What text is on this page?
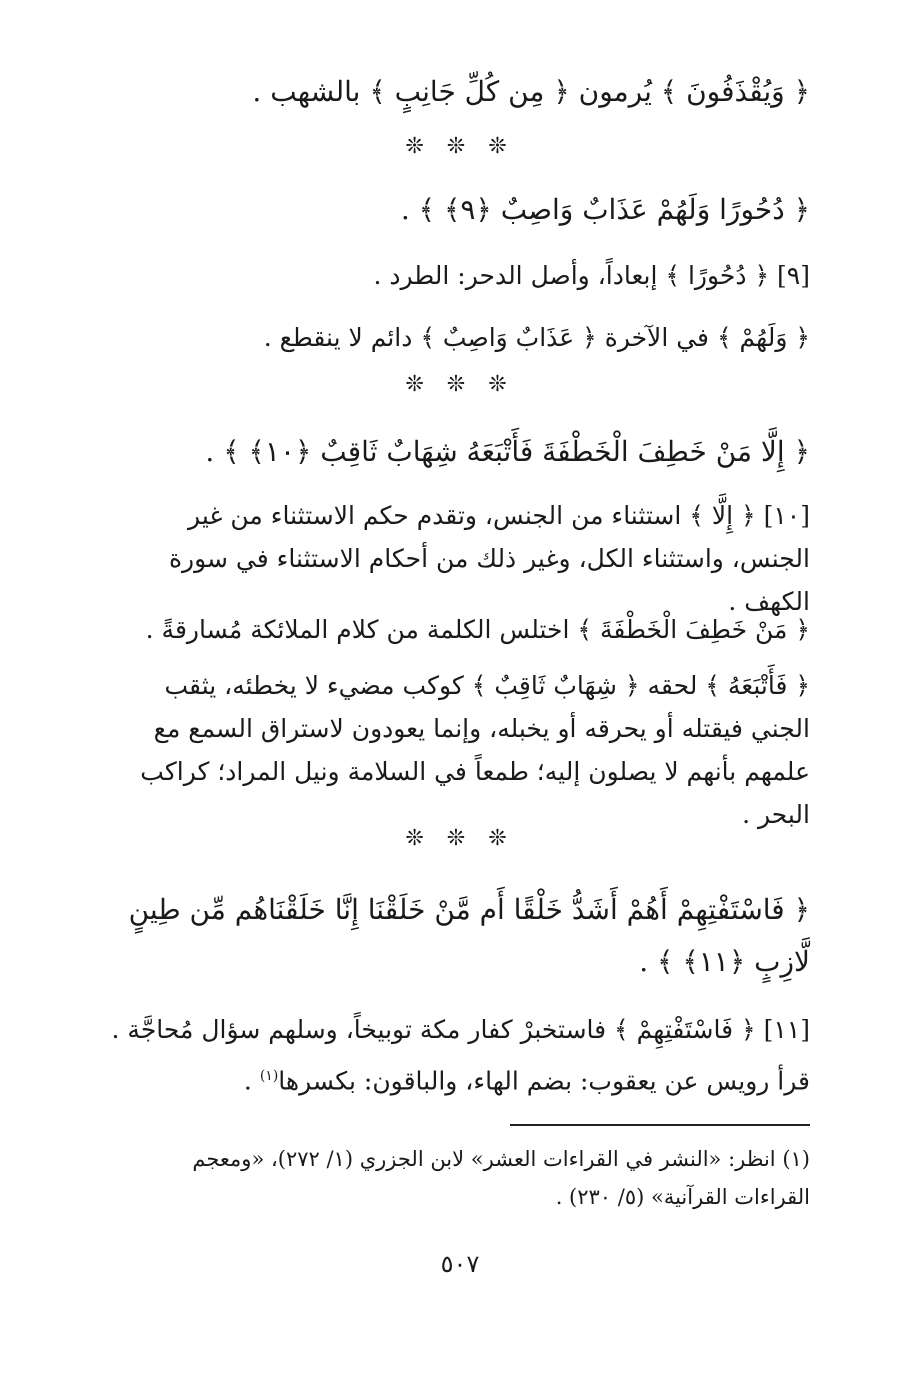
﴿ وَيُقْذَفُونَ ﴾ يُرمون ﴿ مِن كُلِّ جَانِبٍ ﴾ بالشهب .
❊ ❊ ❊
﴿ دُحُورًا وَلَهُمْ عَذَابٌ وَاصِبٌ ﴿٩﴾ ﴾ .
[٩] ﴿ دُحُورًا ﴾ إبعاداً، وأصل الدحر: الطرد .
﴿ وَلَهُمْ ﴾ في الآخرة ﴿ عَذَابٌ وَاصِبٌ ﴾ دائم لا ينقطع .
❊ ❊ ❊
﴿ إِلَّا مَنْ خَطِفَ الْخَطْفَةَ فَأَتْبَعَهُ شِهَابٌ ثَاقِبٌ ﴿١٠﴾ ﴾ .
[١٠] ﴿ إِلَّا ﴾ استثناء من الجنس، وتقدم حكم الاستثناء من غير الجنس، واستثناء الكل، وغير ذلك من أحكام الاستثناء في سورة الكهف .
﴿ مَنْ خَطِفَ الْخَطْفَةَ ﴾ اختلس الكلمة من كلام الملائكة مُسارقةً .
﴿ فَأَتْبَعَهُ ﴾ لحقه ﴿ شِهَابٌ ثَاقِبٌ ﴾ كوكب مضيء لا يخطئه، يثقب الجني فيقتله أو يحرقه أو يخبله، وإنما يعودون لاستراق السمع مع علمهم بأنهم لا يصلون إليه؛ طمعاً في السلامة ونيل المراد؛ كراكب البحر .
❊ ❊ ❊
﴿ فَاسْتَفْتِهِمْ أَهُمْ أَشَدُّ خَلْقًا أَم مَّنْ خَلَقْنَا إِنَّا خَلَقْنَاهُم مِّن طِينٍ لَّازِبٍ ﴿١١﴾ ﴾ .
[١١] ﴿ فَاسْتَفْتِهِمْ ﴾ فاستخبرْ كفار مكة توبيخاً، وسلهم سؤال مُحاجَّة .
قرأ رويس عن يعقوب: بضم الهاء، والباقون: بكسرها$^{(١)}$ .
(١) انظر: «النشر في القراءات العشر» لابن الجزري (١/ ٢٧٢)، «ومعجم القراءات القرآنية» (٥/ ٢٣٠) .
٥٠٧
